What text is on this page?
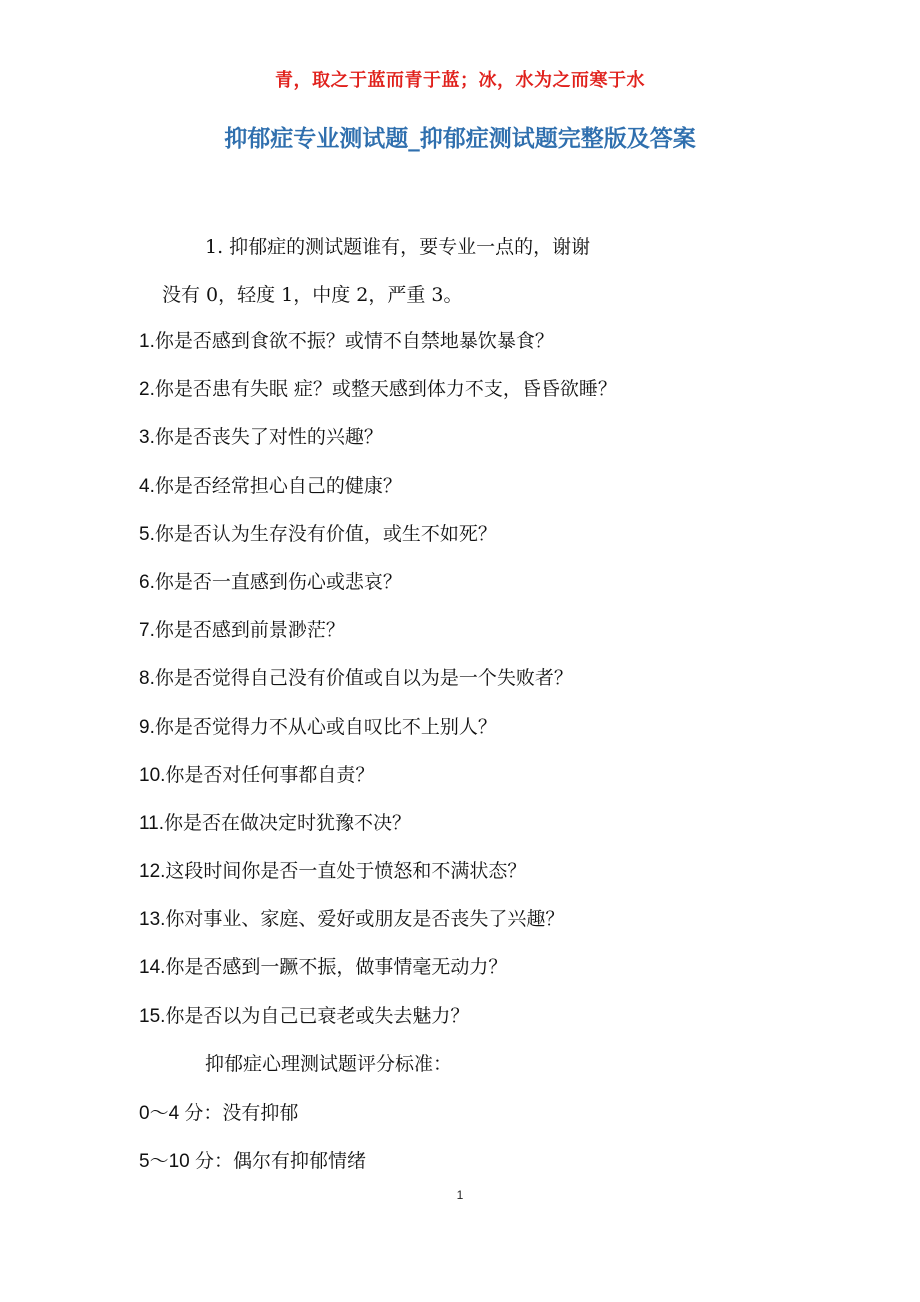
青，取之于蓝而青于蓝；冰，水为之而寒于水
抑郁症专业测试题_抑郁症测试题完整版及答案
1. 抑郁症的测试题谁有，要专业一点的，谢谢
没有 0，轻度 1，中度 2，严重 3。
1.你是否感到食欲不振？或情不自禁地暴饮暴食？
2.你是否患有失眠 症？或整天感到体力不支，昏昏欲睡？
3.你是否丧失了对性的兴趣？
4.你是否经常担心自己的健康？
5.你是否认为生存没有价值，或生不如死？
6.你是否一直感到伤心或悲哀？
7.你是否感到前景渺茫？
8.你是否觉得自己没有价值或自以为是一个失败者？
9.你是否觉得力不从心或自叹比不上别人？
10.你是否对任何事都自责？
11.你是否在做决定时犹豫不决？
12.这段时间你是否一直处于愤怒和不满状态？
13.你对事业、家庭、爱好或朋友是否丧失了兴趣？
14.你是否感到一蹶不振，做事情毫无动力？
15.你是否以为自己已衰老或失去魅力？
抑郁症心理测试题评分标准：
0～4 分：没有抑郁
5～10 分：偶尔有抑郁情绪
1
